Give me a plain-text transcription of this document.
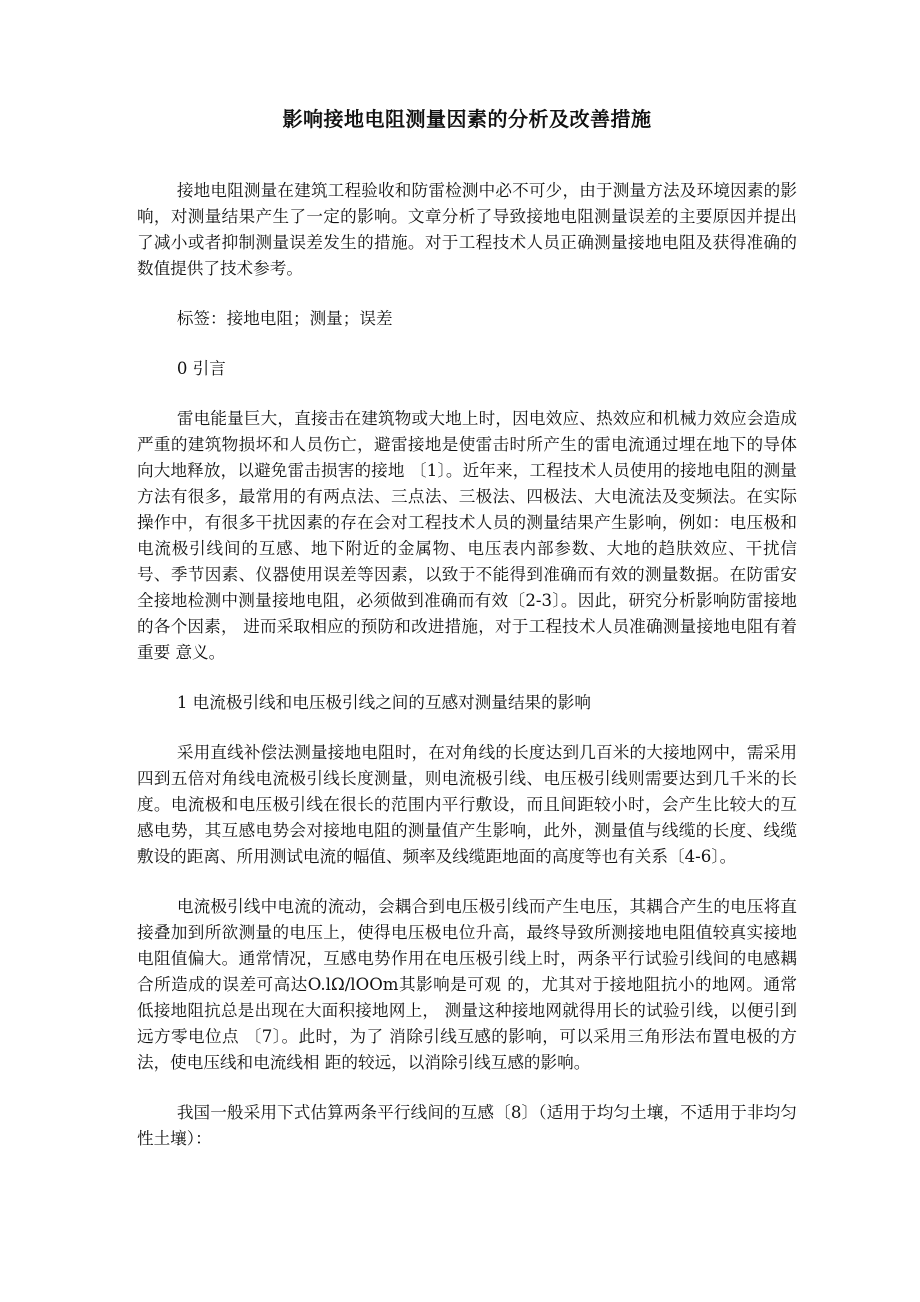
影响接地电阻测量因素的分析及改善措施

接地电阻测量在建筑工程验收和防雷检测中必不可少，由于测量方法及环境因素的影响，对测量结果产生了一定的影响。文章分析了导致接地电阻测量误差的主要原因并提出了减小或者抑制测量误差发生的措施。对于工程技术人员正确测量接地电阻及获得准确的数值提供了技术参考。

标签：接地电阻；测量；误差

0 引言

雷电能量巨大，直接击在建筑物或大地上时，因电效应、热效应和机械力效应会造成严重的建筑物损坏和人员伤亡，避雷接地是使雷击时所产生的雷电流通过埋在地下的导体向大地释放，以避免雷击损害的接地 〔1〕。近年来，工程技术人员使用的接地电阻的测量方法有很多，最常用的有两点法、三点法、三极法、四极法、大电流法及变频法。在实际操作中，有很多干扰因素的存在会对工程技术人员的测量结果产生影响，例如：电压极和电流极引线间的互感、地下附近的金属物、电压表内部参数、大地的趋肤效应、干扰信号、季节因素、仪器使用误差等因素，以致于不能得到准确而有效的测量数据。在防雷安全接地检测中测量接地电阻，必须做到准确而有效〔2-3〕。因此，研究分析影响防雷接地的各个因素， 进而采取相应的预防和改进措施，对于工程技术人员准确测量接地电阻有着重要 意义。

1 电流极引线和电压极引线之间的互感对测量结果的影响

采用直线补偿法测量接地电阻时，在对角线的长度达到几百米的大接地网中，需采用四到五倍对角线电流极引线长度测量，则电流极引线、电压极引线则需要达到几千米的长度。电流极和电压极引线在很长的范围内平行敷设，而且间距较小时，会产生比较大的互感电势，其互感电势会对接地电阻的测量值产生影响，此外，测量值与线缆的长度、线缆敷设的距离、所用测试电流的幅值、频率及线缆距地面的高度等也有关系〔4-6〕。

电流极引线中电流的流动，会耦合到电压极引线而产生电压，其耦合产生的电压将直接叠加到所欲测量的电压上，使得电压极电位升高，最终导致所测接地电阻值较真实接地电阻值偏大。通常情况，互感电势作用在电压极引线上时，两条平行试验引线间的电感耦合所造成的误差可高达O.lΩ/lOOm其影响是可观 的，尤其对于接地阻抗小的地网。通常低接地阻抗总是出现在大面积接地网上， 测量这种接地网就得用长的试验引线，以便引到远方零电位点 〔7〕。此时，为了 消除引线互感的影响，可以采用三角形法布置电极的方法，使电压线和电流线相 距的较远，以消除引线互感的影响。

我国一般采用下式估算两条平行线间的互感〔8〕（适用于均匀土壤，不适用于非均匀性土壤）：
